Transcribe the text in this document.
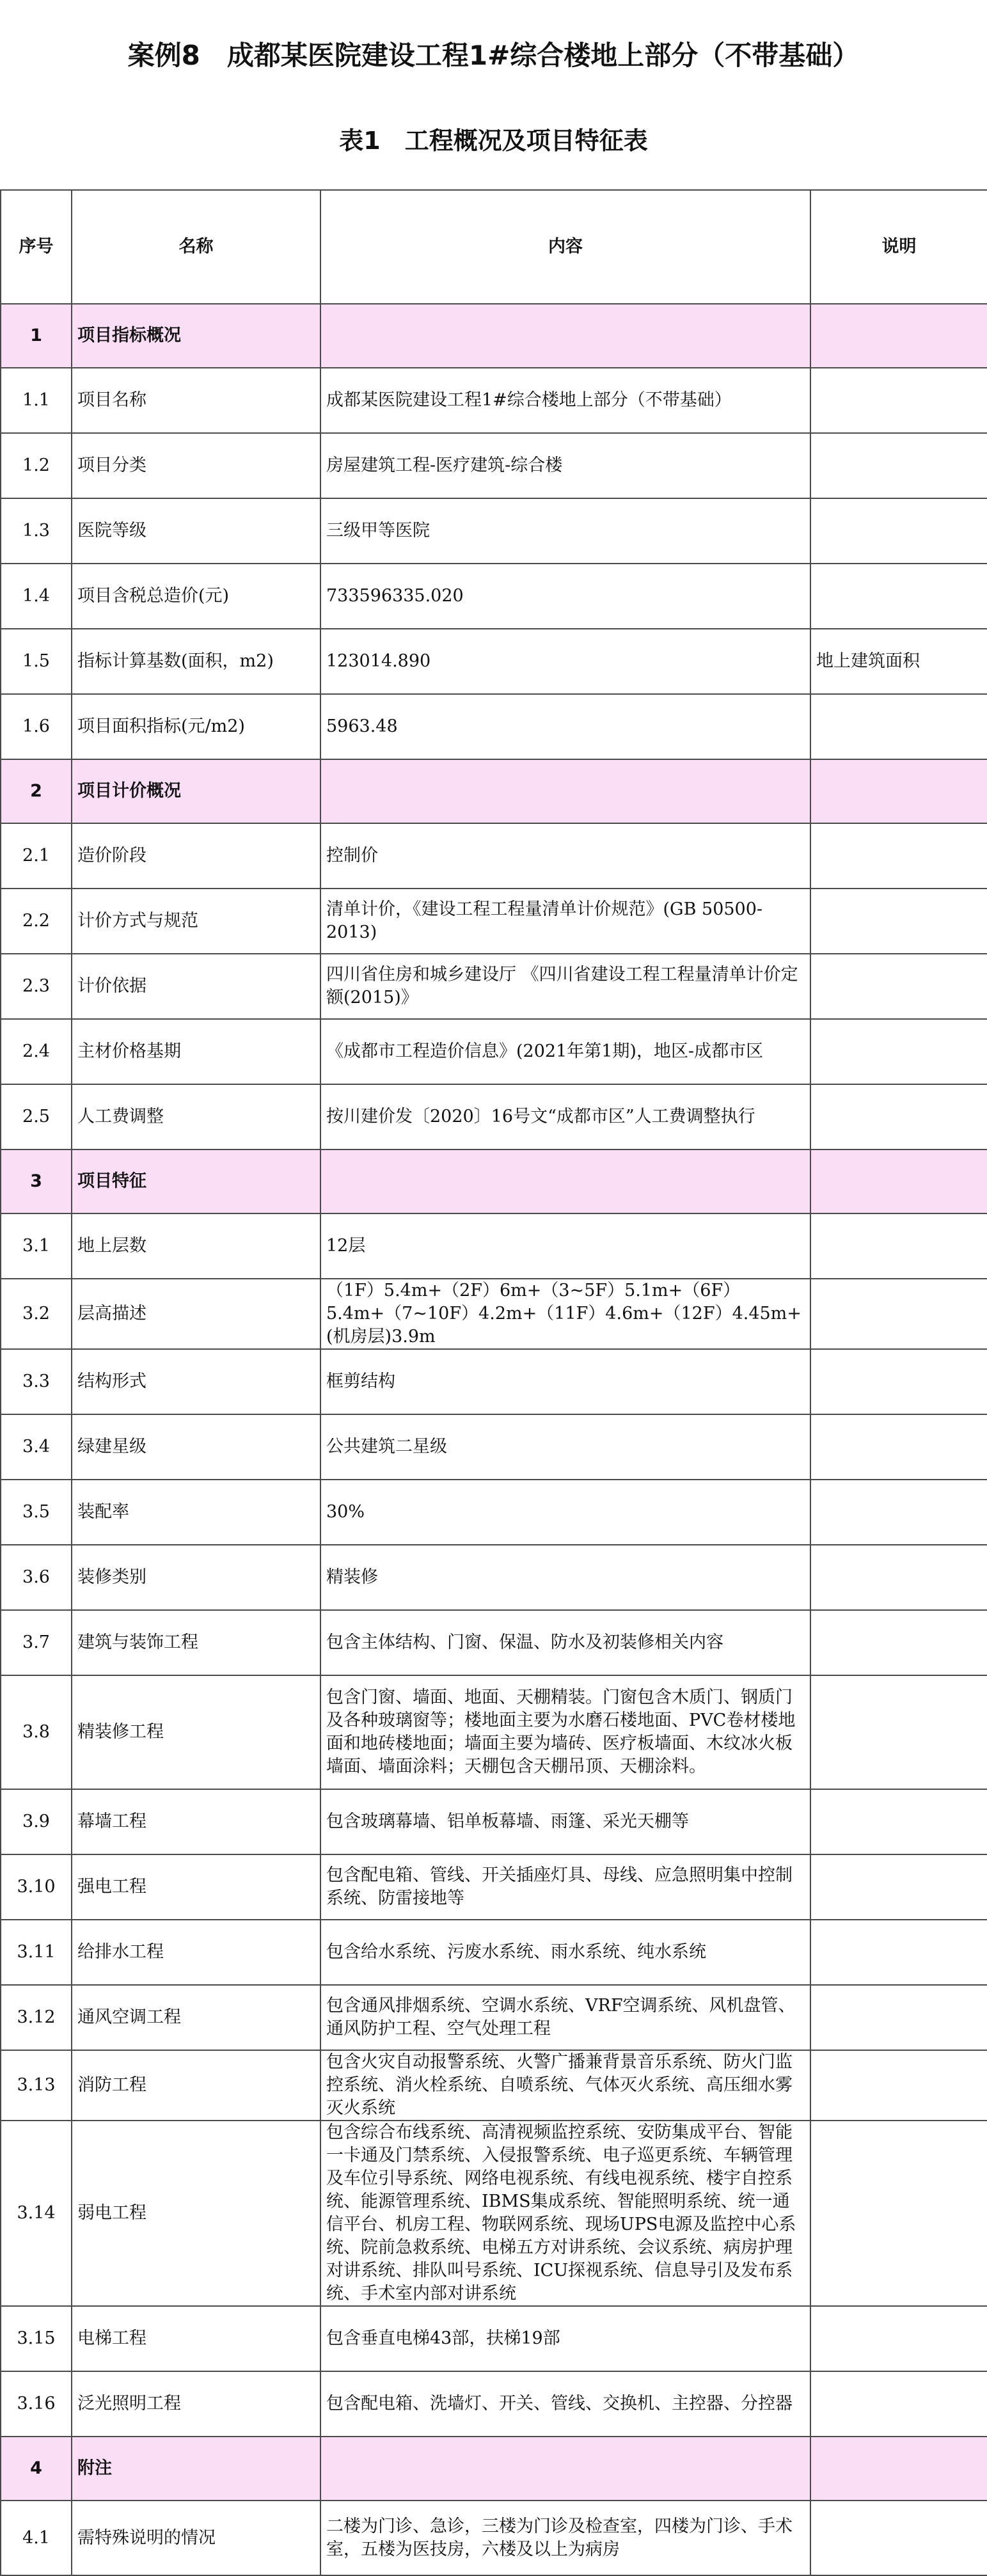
案例8　成都某医院建设工程1#综合楼地上部分（不带基础）
表1　工程概况及项目特征表
序号	名称	内容	说明
1	项目指标概况		
1.1	项目名称	成都某医院建设工程1#综合楼地上部分（不带基础）	
1.2	项目分类	房屋建筑工程-医疗建筑-综合楼	
1.3	医院等级	三级甲等医院	
1.4	项目含税总造价(元)	733596335.020	
1.5	指标计算基数(面积，m2)	123014.890	地上建筑面积
1.6	项目面积指标(元/m2)	5963.48	
2	项目计价概况		
2.1	造价阶段	控制价	
2.2	计价方式与规范	清单计价，《建设工程工程量清单计价规范》(GB 50500-2013)	
2.3	计价依据	四川省住房和城乡建设厅 《四川省建设工程工程量清单计价定额(2015)》	
2.4	主材价格基期	《成都市工程造价信息》(2021年第1期)，地区-成都市区	
2.5	人工费调整	按川建价发〔2020〕16号文“成都市区”人工费调整执行	
3	项目特征		
3.1	地上层数	12层	
3.2	层高描述	（1F）5.4m+（2F）6m+（3~5F）5.1m+（6F）5.4m+（7~10F）4.2m+（11F）4.6m+（12F）4.45m+(机房层)3.9m	
3.3	结构形式	框剪结构	
3.4	绿建星级	公共建筑二星级	
3.5	装配率	30%	
3.6	装修类别	精装修	
3.7	建筑与装饰工程	包含主体结构、门窗、保温、防水及初装修相关内容	
3.8	精装修工程	包含门窗、墙面、地面、天棚精装。门窗包含木质门、钢质门及各种玻璃窗等；楼地面主要为水磨石楼地面、PVC卷材楼地面和地砖楼地面；墙面主要为墙砖、医疗板墙面、木纹冰火板墙面、墙面涂料；天棚包含天棚吊顶、天棚涂料。	
3.9	幕墙工程	包含玻璃幕墙、铝单板幕墙、雨篷、采光天棚等	
3.10	强电工程	包含配电箱、管线、开关插座灯具、母线、应急照明集中控制系统、防雷接地等	
3.11	给排水工程	包含给水系统、污废水系统、雨水系统、纯水系统	
3.12	通风空调工程	包含通风排烟系统、空调水系统、VRF空调系统、风机盘管、通风防护工程、空气处理工程	
3.13	消防工程	包含火灾自动报警系统、火警广播兼背景音乐系统、防火门监控系统、消火栓系统、自喷系统、气体灭火系统、高压细水雾灭火系统	
3.14	弱电工程	包含综合布线系统、高清视频监控系统、安防集成平台、智能一卡通及门禁系统、入侵报警系统、电子巡更系统、车辆管理及车位引导系统、网络电视系统、有线电视系统、楼宇自控系统、能源管理系统、IBMS集成系统、智能照明系统、统一通信平台、机房工程、物联网系统、现场UPS电源及监控中心系统、院前急救系统、电梯五方对讲系统、会议系统、病房护理对讲系统、排队叫号系统、ICU探视系统、信息导引及发布系统、手术室内部对讲系统	
3.15	电梯工程	包含垂直电梯43部，扶梯19部	
3.16	泛光照明工程	包含配电箱、洗墙灯、开关、管线、交换机、主控器、分控器	
4	附注		
4.1	需特殊说明的情况	二楼为门诊、急诊，三楼为门诊及检查室，四楼为门诊、手术室，五楼为医技房，六楼及以上为病房	
